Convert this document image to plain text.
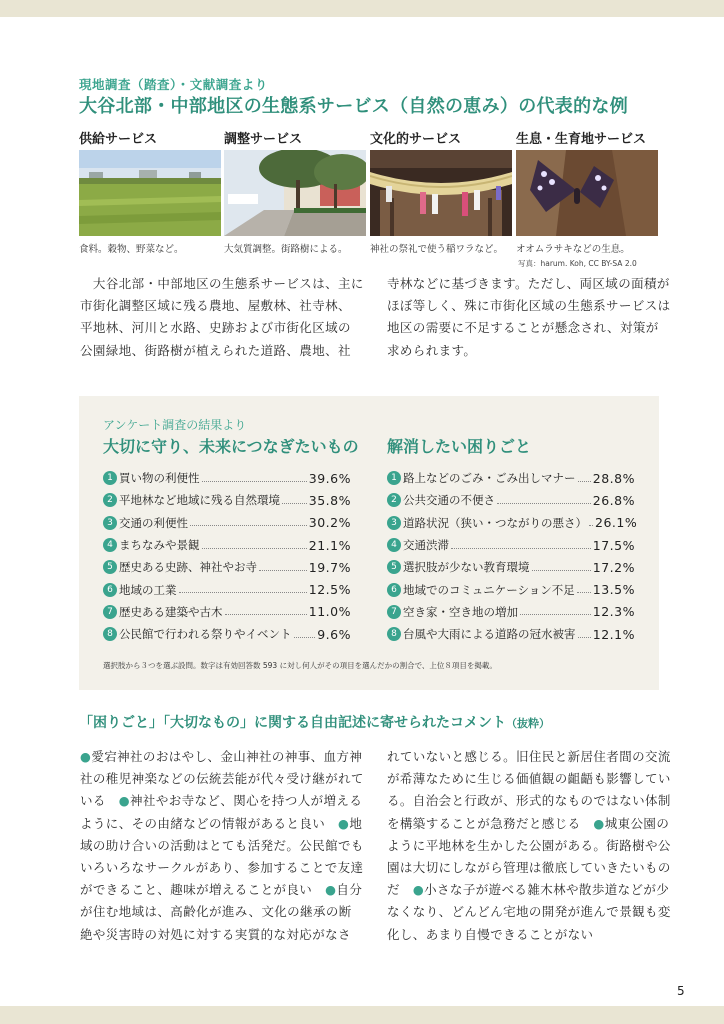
現地調査（踏査）・文献調査より
大谷北部・中部地区の生態系サービス（自然の恵み）の代表的な例
供給サービス
食料。穀物、野菜など。
調整サービス
大気質調整。街路樹による。
文化的サービス
神社の祭礼で使う稲ワラなど。
生息・生育地サービス
オオムラサキなどの生息。
写真：harum. Koh, CC BY-SA 2.0
　大谷北部・中部地区の生態系サービスは、主に
市街化調整区域に残る農地、屋敷林、社寺林、
平地林、河川と水路、史跡および市街化区域の
公園緑地、街路樹が植えられた道路、農地、社
寺林などに基づきます。ただし、両区域の面積が
ほぼ等しく、殊に市街化区域の生態系サービスは
地区の需要に不足することが懸念され、対策が
求められます。
アンケート調査の結果より
大切に守り、未来につなぎたいもの 解消したい困りごと
1 買い物の利便性	39.6%
2 平地林など地域に残る自然環境 35.8%
3 交通の利便性	30.2%
4 まちなみや景観	21.1%
5 歴史ある史跡、神社やお寺	19.7%
6 地域の工業	12.5%
7 歴史ある建築や古木	11.0%
8 公民館で行われる祭りやイベント 9.6%
1 路上などのごみ・ごみ出しマナー 28.8%
2 公共交通の不便さ	26.8%
3 道路状況（狭い・つながりの悪さ） 26.1%
4 交通渋滞	17.5%
5 選択肢が少ない教育環境	17.2%
6 地域でのコミュニケーション不足 13.5%
7 空き家・空き地の増加	12.3%
8 台風や大雨による道路の冠水被害 12.1%
選択肢から３つを選ぶ設問。数字は有効回答数 593 に対し何人がその項目を選んだかの割合で、上位８項目を掲載。
「困りごと」「大切なもの」に関する自由記述に寄せられたコメント（抜粋）
●愛宕神社のおはやし、金山神社の神事、血方神
社の稚児神楽などの伝統芸能が代々受け継がれて
いる　●神社やお寺など、関心を持つ人が増える
ように、その由緒などの情報があると良い　●地
域の助け合いの活動はとても活発だ。公民館でも
いろいろなサークルがあり、参加することで友達
ができること、趣味が増えることが良い　●自分
が住む地域は、高齢化が進み、文化の継承の断
絶や災害時の対処に対する実質的な対応がなさ
れていないと感じる。旧住民と新居住者間の交流
が希薄なために生じる価値観の齟齬も影響してい
る。自治会と行政が、形式的なものではない体制
を構築することが急務だと感じる　●城東公園の
ように平地林を生かした公園がある。街路樹や公
園は大切にしながら管理は徹底していきたいもの
だ　●小さな子が遊べる雑木林や散歩道などが少
なくなり、どんどん宅地の開発が進んで景観も変
化し、あまり自慢できることがない
5
